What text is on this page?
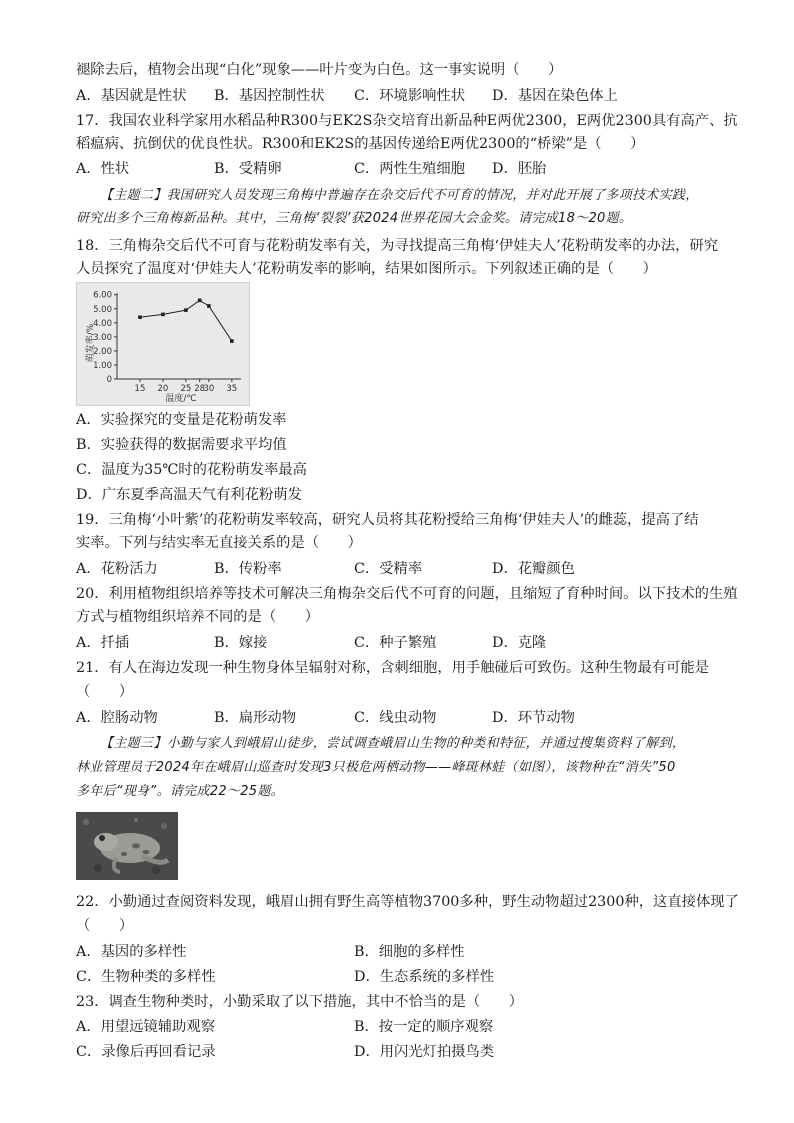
褪除去后，植物会出现“白化”现象——叶片变为白色。这一事实说明（　　）
A．基因就是性状 B．基因控制性状 C．环境影响性状 D．基因在染色体上
17．我国农业科学家用水稻品种R300与EK2S杂交培育出新品种E两优2300，E两优2300具有高产、抗
稻瘟病、抗倒伏的优良性状。R300和EK2S的基因传递给E两优2300的“桥梁”是（　　）
A．性状	B．受精卵	C．两性生殖细胞 D．胚胎
【主题二】我国研究人员发现三角梅中普遍存在杂交后代不可育的情况，并对此开展了多项技术实践，
研究出多个三角梅新品种。其中，三角梅‘裂裂’获2024世界花园大会金奖。请完成18～20题。
18．三角梅杂交后代不可育与花粉萌发率有关，为寻找提高三角梅‘伊娃夫人’花粉萌发率的办法，研究
人员探究了温度对‘伊娃夫人’花粉萌发率的影响，结果如图所示。下列叙述正确的是（　　）
0
1.00
2.00
3.00
4.00
5.00
6.00
15 20 25 28
30 35
萌发率/%
温度/℃
A．实验探究的变量是花粉萌发率
B．实验获得的数据需要求平均值
C．温度为35℃时的花粉萌发率最高
D．广东夏季高温天气有利花粉萌发
19．三角梅‘小叶紫’的花粉萌发率较高，研究人员将其花粉授给三角梅‘伊娃夫人’的雌蕊，提高了结
实率。下列与结实率无直接关系的是（　　）
A．花粉活力	B．传粉率	C．受精率	D．花瓣颜色
20．利用植物组织培养等技术可解决三角梅杂交后代不可育的问题，且缩短了育种时间。以下技术的生殖
方式与植物组织培养不同的是（　　）
A．扦插	B．嫁接	C．种子繁殖	D．克隆
21．有人在海边发现一种生物身体呈辐射对称，含刺细胞，用手触碰后可致伤。这种生物最有可能是
（　　）
A．腔肠动物	B．扁形动物	C．线虫动物	D．环节动物
【主题三】小勤与家人到峨眉山徒步，尝试调查峨眉山生物的种类和特征，并通过搜集资料了解到，
林业管理员于2024年在峨眉山巡查时发现3只极危两栖动物——峰斑林蛙（如图），该物种在“消失”50
多年后“现身”。请完成22～25题。
22．小勤通过查阅资料发现，峨眉山拥有野生高等植物3700多种，野生动物超过2300种，这直接体现了
（　　）
A．基因的多样性	B．细胞的多样性
C．生物种类的多样性	D．生态系统的多样性
23．调查生物种类时，小勤采取了以下措施，其中不恰当的是（　　）
A．用望远镜辅助观察	B．按一定的顺序观察
C．录像后再回看记录	D．用闪光灯拍摄鸟类
